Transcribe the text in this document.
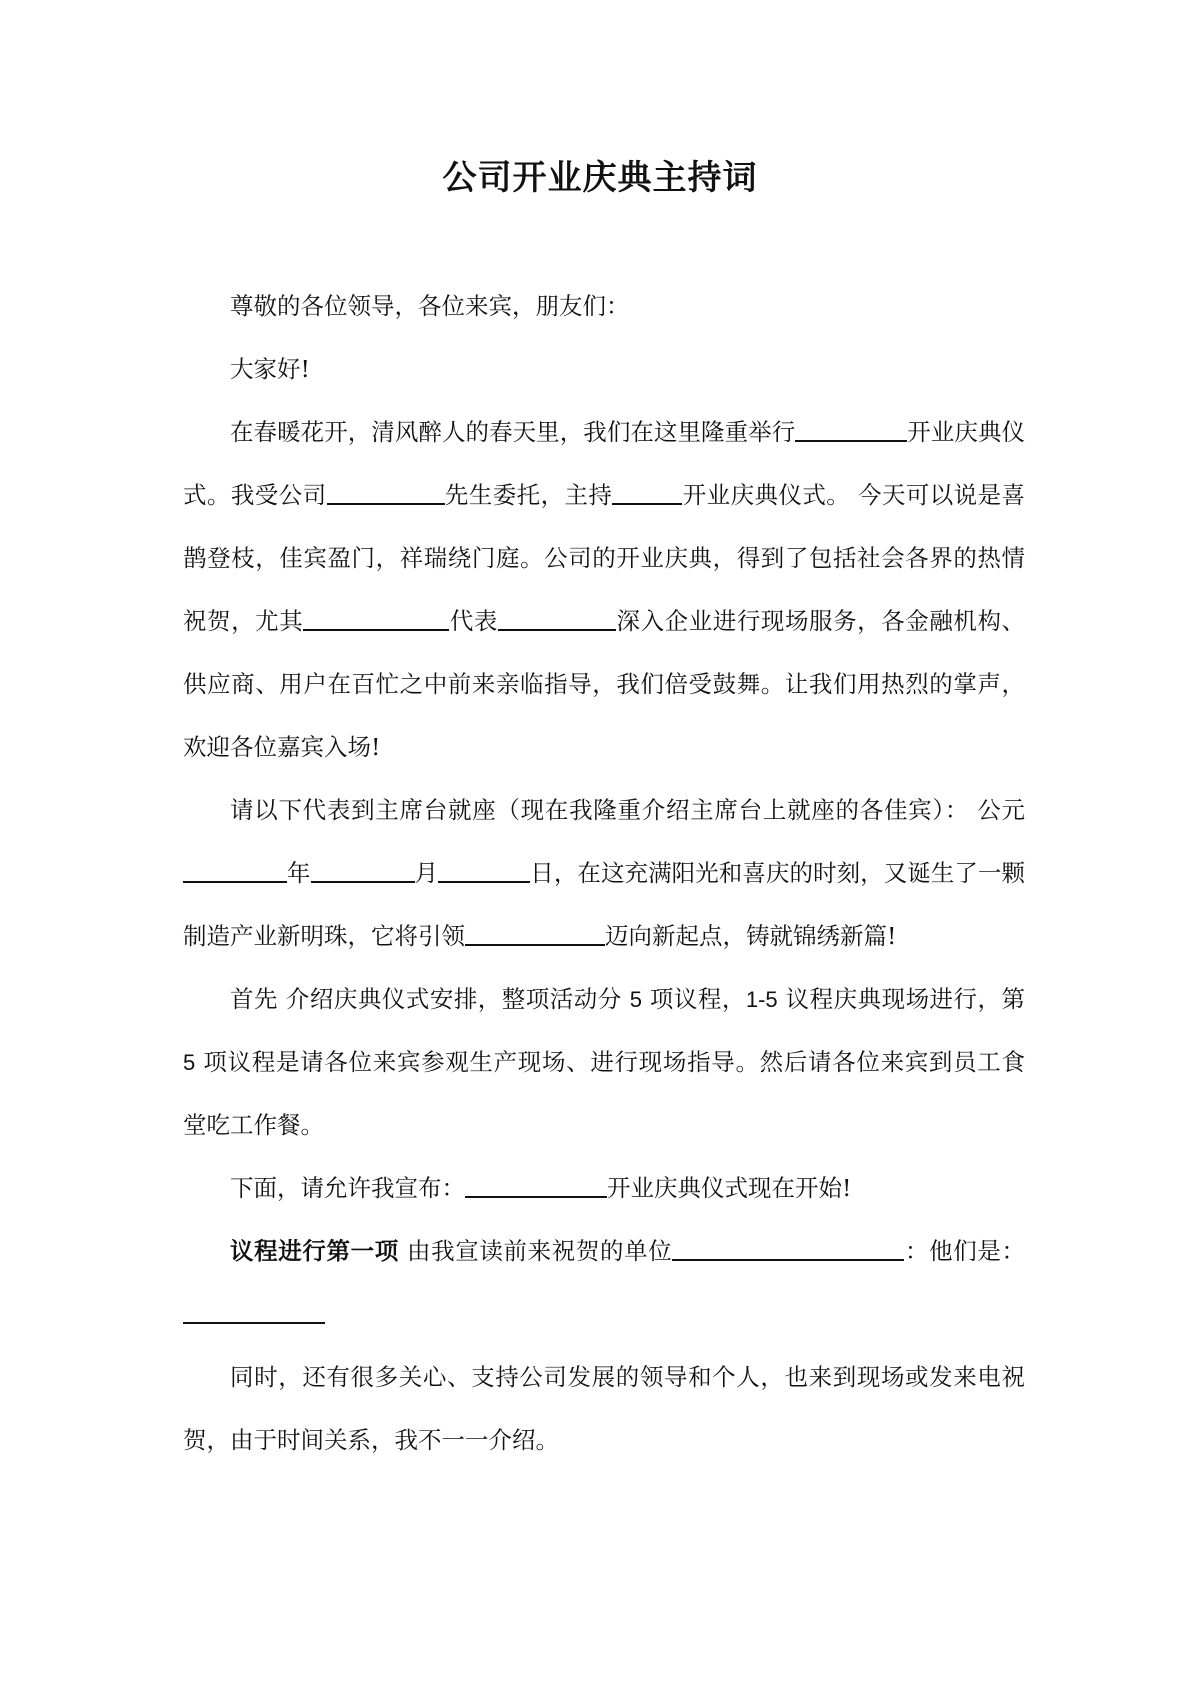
公司开业庆典主持词

尊敬的各位领导，各位来宾，朋友们：

大家好!

在春暖花开，清风醉人的春天里，我们在这里隆重举行	开业庆典仪式。我受公司	先生委托，主持	开业庆典仪式。 今天可以说是喜鹊登枝，佳宾盈门，祥瑞绕门庭。公司的开业庆典，得到了包括社会各界的热情祝贺，尤其	代表	深入企业进行现场服务，各金融机构、供应商、用户在百忙之中前来亲临指导，我们倍受鼓舞。让我们用热烈的掌声，欢迎各位嘉宾入场!

请以下代表到主席台就座（现在我隆重介绍主席台上就座的各佳宾）： 公元年	月	日，在这充满阳光和喜庆的时刻，又诞生了一颗制造产业新明珠，它将引领	迈向新起点，铸就锦绣新篇!

首先 介绍庆典仪式安排，整项活动分 5 项议程，1-5 议程庆典现场进行，第 5 项议程是请各位来宾参观生产现场、进行现场指导。然后请各位来宾到员工食堂吃工作餐。

下面，请允许我宣布：	开业庆典仪式现在开始!

议程进行第一项 由我宣读前来祝贺的单位	：他们是：

同时，还有很多关心、支持公司发展的领导和个人，也来到现场或发来电祝贺，由于时间关系，我不一一介绍。
